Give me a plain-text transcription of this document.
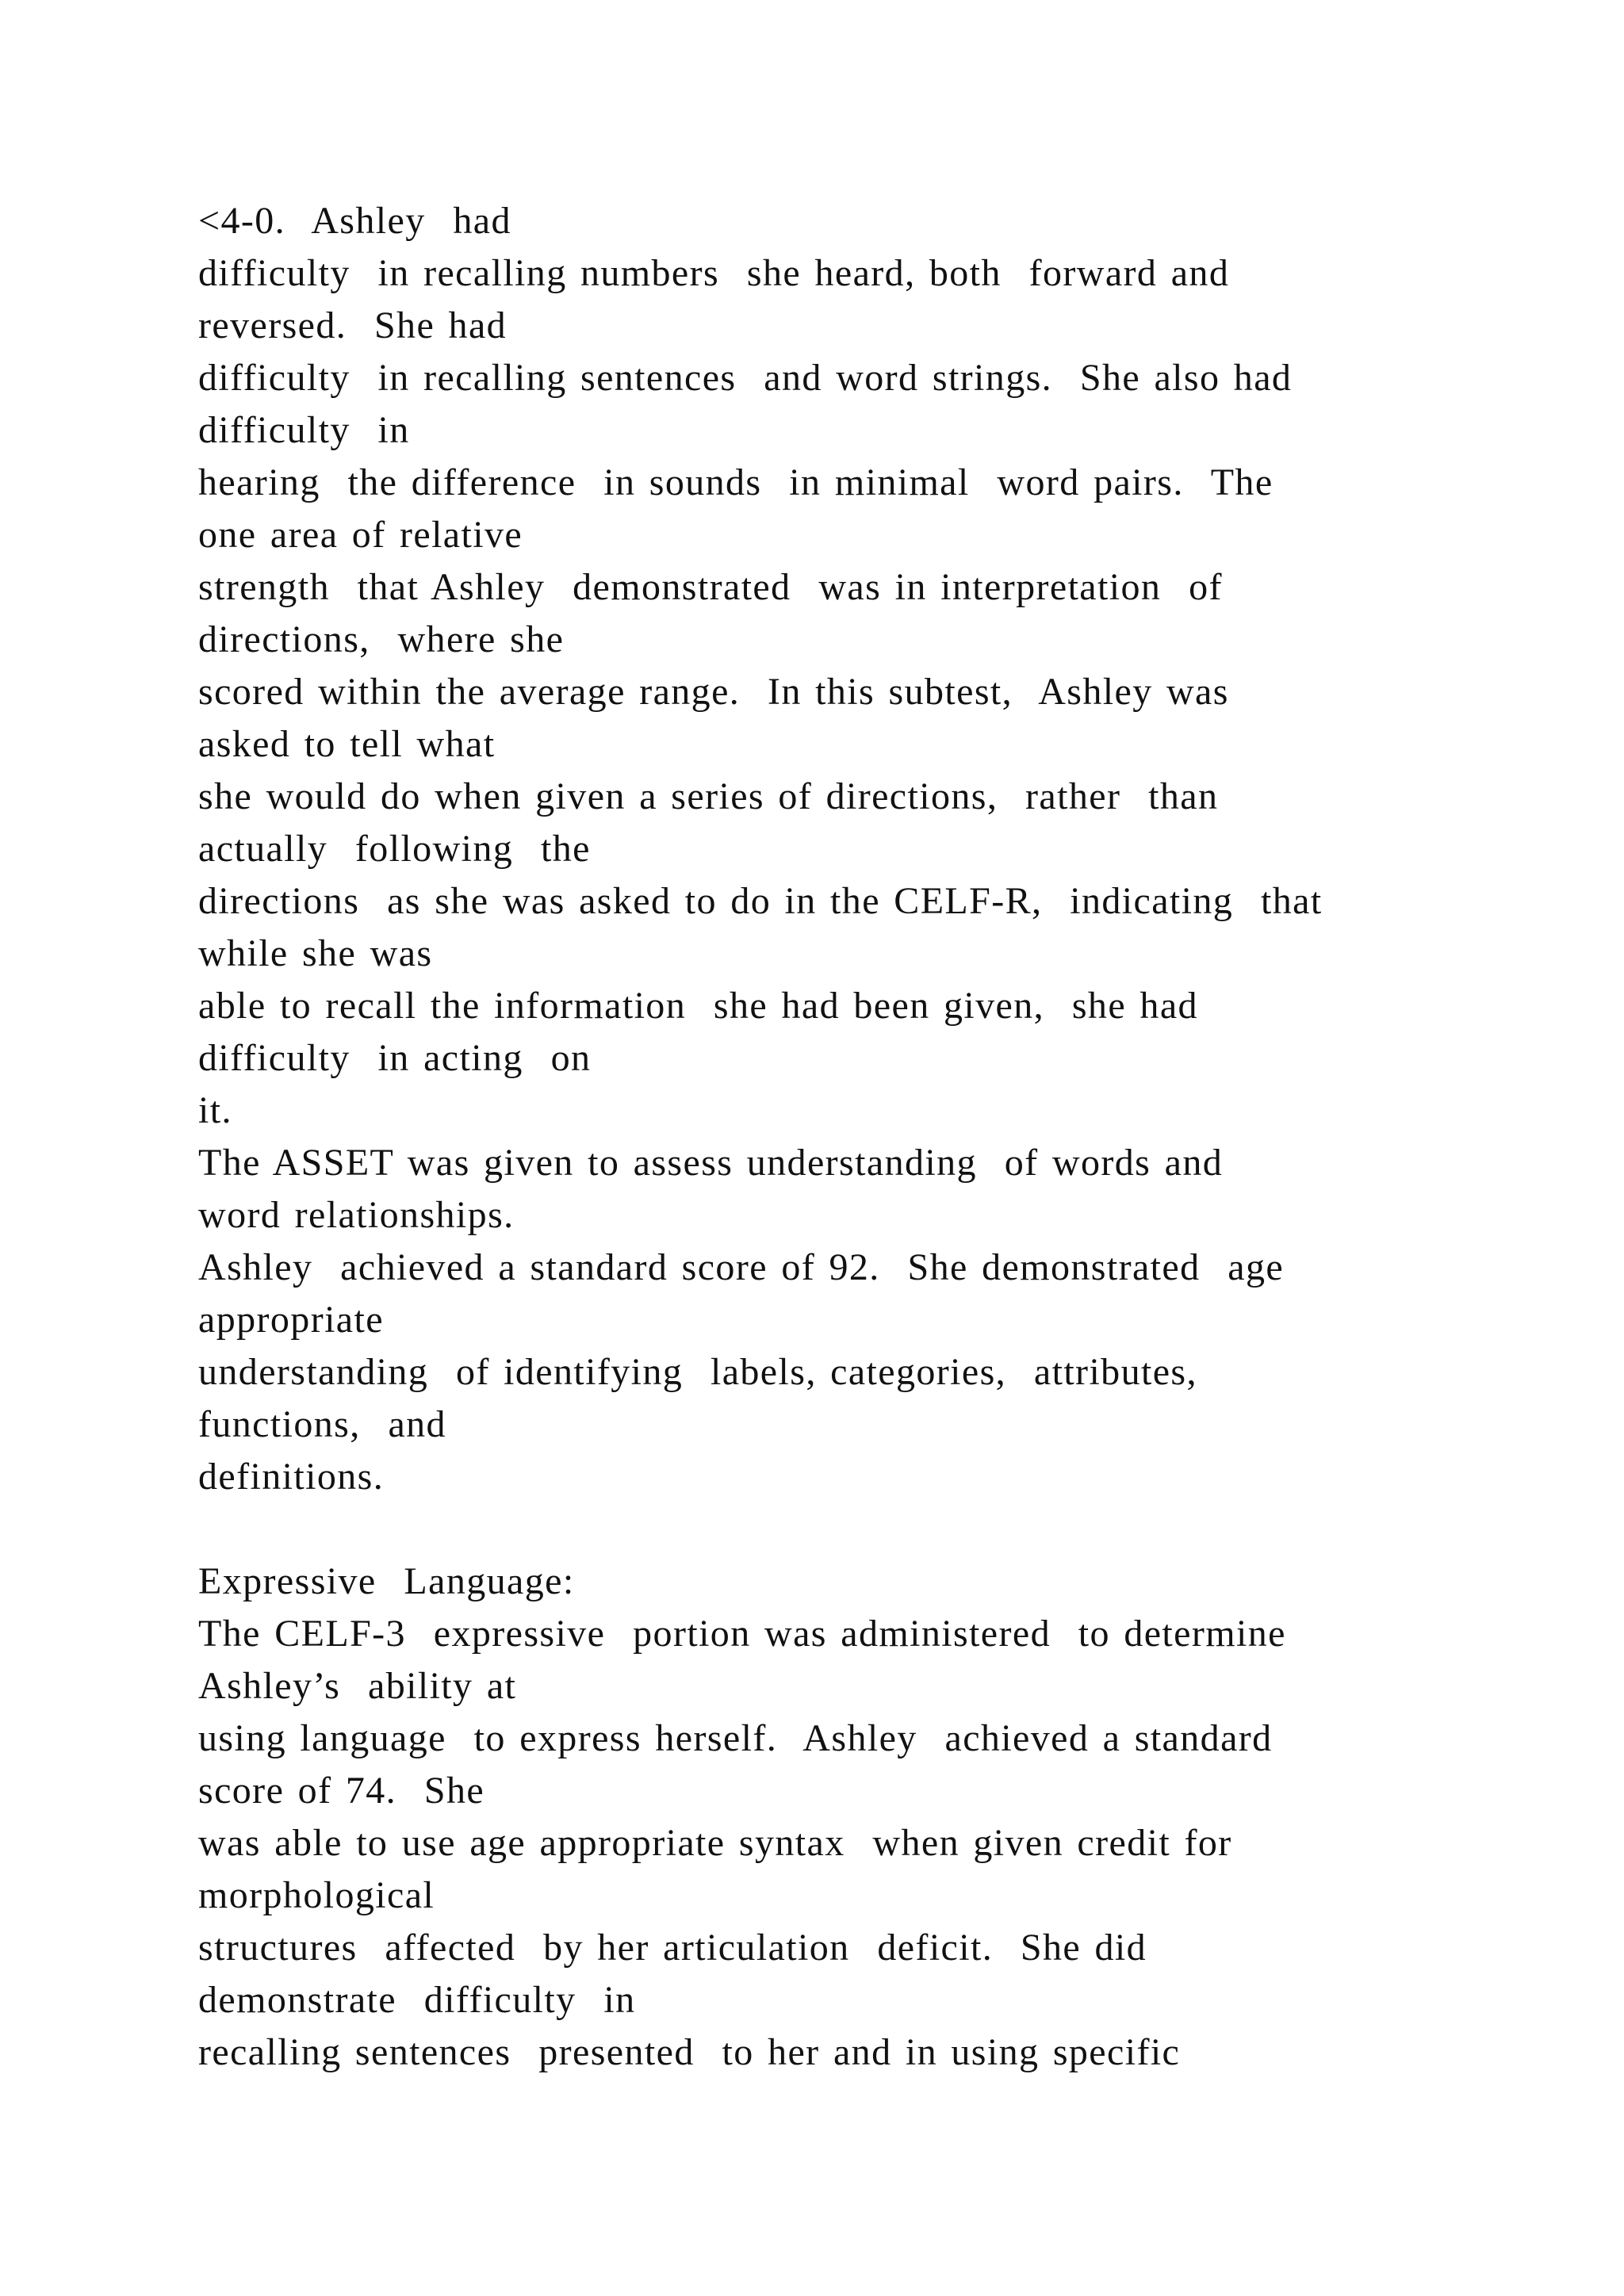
<4-0.  Ashley  had
difficulty  in recalling numbers  she heard, both  forward and
reversed.  She had
difficulty  in recalling sentences  and word strings.  She also had
difficulty  in
hearing  the difference  in sounds  in minimal  word pairs.  The
one area of relative
strength  that Ashley  demonstrated  was in interpretation  of
directions,  where she
scored within the average range.  In this subtest,  Ashley was
asked to tell what
she would do when given a series of directions,  rather  than
actually  following  the
directions  as she was asked to do in the CELF-R,  indicating  that
while she was
able to recall the information  she had been given,  she had
difficulty  in acting  on
it.
The ASSET was given to assess understanding  of words and
word relationships.
Ashley  achieved a standard score of 92.  She demonstrated  age
appropriate
understanding  of identifying  labels, categories,  attributes,
functions,  and
definitions.
Expressive  Language:
The CELF-3  expressive  portion was administered  to determine
Ashley’s  ability at
using language  to express herself.  Ashley  achieved a standard
score of 74.  She
was able to use age appropriate syntax  when given credit for
morphological
structures  affected  by her articulation  deficit.  She did
demonstrate  difficulty  in
recalling sentences  presented  to her and in using specific
